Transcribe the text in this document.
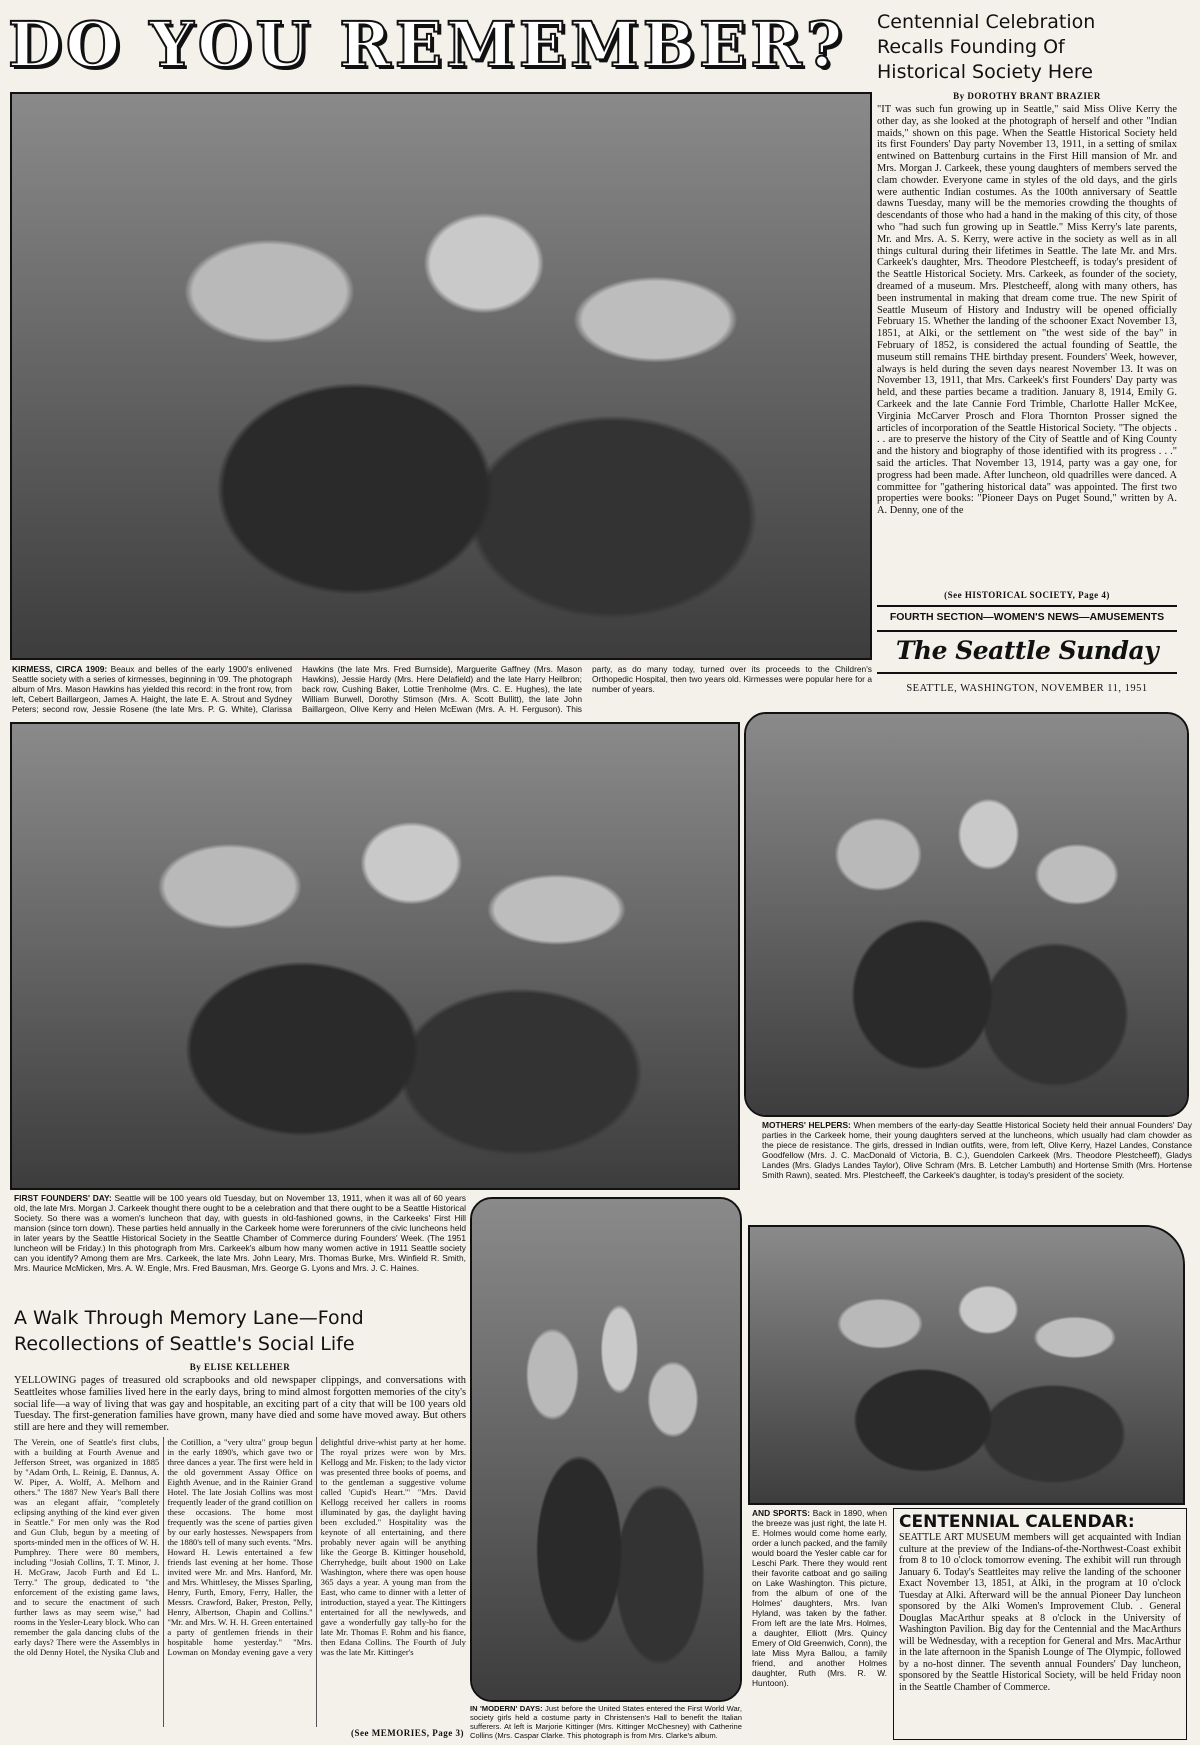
DO YOU REMEMBER?	Centennial Celebration
Recalls Founding Of
Historical Society Here
By DOROTHY BRANT BRAZIER
"IT was such fun growing up in Seattle," said Miss Olive Kerry the other day, as she looked at the photograph of herself and other "Indian maids," shown on this page. When the Seattle Historical Society held its first Founders' Day party November 13, 1911, in a setting of smilax entwined on Battenburg curtains in the First Hill mansion of Mr. and Mrs. Morgan J. Carkeek, these young daughters of members served the clam chowder. Everyone came in styles of the old days, and the girls were authentic Indian costumes. As the 100th anniversary of Seattle dawns Tuesday, many will be the memories crowding the thoughts of descendants of those who had a hand in the making of this city, of those who "had such fun growing up in Seattle." Miss Kerry's late parents, Mr. and Mrs. A. S. Kerry, were active in the society as well as in all things cultural during their lifetimes in Seattle. The late Mr. and Mrs. Carkeek's daughter, Mrs. Theodore Plestcheeff, is today's president of the Seattle Historical Society. Mrs. Carkeek, as founder of the society, dreamed of a museum. Mrs. Plestcheeff, along with many others, has been instrumental in making that dream come true. The new Spirit of Seattle Museum of History and Industry will be opened officially February 15. Whether the landing of the schooner Exact November 13, 1851, at Alki, or the settlement on "the west side of the bay" in February of 1852, is considered the actual founding of Seattle, the museum still remains THE birthday present. Founders' Week, however, always is held during the seven days nearest November 13. It was on November 13, 1911, that Mrs. Carkeek's first Founders' Day party was held, and these parties became a tradition. January 8, 1914, Emily G. Carkeek and the late Cannie Ford Trimble, Charlotte Haller McKee, Virginia McCarver Prosch and Flora Thornton Prosser signed the articles of incorporation of the Seattle Historical Society. "The objects . . . are to preserve the history of the City of Seattle and of King County and the history and biography of those identified with its progress . . ." said the articles. That November 13, 1914, party was a gay one, for progress had been made. After luncheon, old quadrilles were danced. A committee for "gathering historical data" was appointed. The first two properties were books: "Pioneer Days on Puget Sound," written by A. A. Denny, one of the
(See HISTORICAL SOCIETY, Page 4)
FOURTH SECTION—WOMEN'S NEWS—AMUSEMENTS
The Seattle Sunday
SEATTLE, WASHINGTON, NOVEMBER 11, 1951
KIRMESS, CIRCA 1909: Beaux and belles of the early 1900's enlivened Seattle society with a series of kirmesses, beginning in '09. The photograph album of Mrs. Mason Hawkins has yielded this record: in the front row, from left, Cebert Baillargeon, James A. Haight, the late E. A. Strout and Sydney Peters; second row, Jessie Rosene (the late Mrs. P. G. White), Clarissa Hawkins (the late Mrs. Fred Burnside), Marguerite Gaffney (Mrs. Mason Hawkins), Jessie Hardy (Mrs. Here Delafield) and the late Harry Heilbron; back row, Cushing Baker, Lottie Trenholme (Mrs. C. E. Hughes), the late William Burwell, Dorothy Stimson (Mrs. A. Scott Bullitt), the late John Baillargeon, Olive Kerry and Helen McEwan (Mrs. A. H. Ferguson). This party, as do many today, turned over its proceeds to the Children's Orthopedic Hospital, then two years old. Kirmesses were popular here for a number of years.
FIRST FOUNDERS' DAY: Seattle will be 100 years old Tuesday, but on November 13, 1911, when it was all of 60 years old, the late Mrs. Morgan J. Carkeek thought there ought to be a celebration and that there ought to be a Seattle Historical Society. So there was a women's luncheon that day, with guests in old-fashioned gowns, in the Carkeeks' First Hill mansion (since torn down). These parties held annually in the Carkeek home were forerunners of the civic luncheons held in later years by the Seattle Historical Society in the Seattle Chamber of Commerce during Founders' Week. (The 1951 luncheon will be Friday.) In this photograph from Mrs. Carkeek's album how many women active in 1911 Seattle society can you identify? Among them are Mrs. Carkeek, the late Mrs. John Leary, Mrs. Thomas Burke, Mrs. Winfield R. Smith, Mrs. Maurice McMicken, Mrs. A. W. Engle, Mrs. Fred Bausman, Mrs. George G. Lyons and Mrs. J. C. Haines.
MOTHERS' HELPERS: When members of the early-day Seattle Historical Society held their annual Founders' Day parties in the Carkeek home, their young daughters served at the luncheons, which usually had clam chowder as the piece de resistance. The girls, dressed in Indian outfits, were, from left, Olive Kerry, Hazel Landes, Constance Goodfellow (Mrs. J. C. MacDonald of Victoria, B. C.), Guendolen Carkeek (Mrs. Theodore Plestcheeff), Gladys Landes (Mrs. Gladys Landes Taylor), Olive Schram (Mrs. B. Letcher Lambuth) and Hortense Smith (Mrs. Hortense Smith Rawn), seated. Mrs. Plestcheeff, the Carkeek's daughter, is today's president of the society.
A Walk Through Memory Lane—Fond
Recollections of Seattle's Social Life
By ELISE KELLEHER
YELLOWING pages of treasured old scrapbooks and old newspaper clippings, and conversations with Seattleites whose families lived here in the early days, bring to mind almost forgotten memories of the city's social life—a way of living that was gay and hospitable, an exciting part of a city that will be 100 years old Tuesday. The first-generation families have grown, many have died and some have moved away. But others still are here and they will remember.
The Verein, one of Seattle's first clubs, with a building at Fourth Avenue and Jefferson Street, was organized in 1885 by "Adam Orth, L. Reinig, E. Dannus, A. W. Piper, A. Wolff, A. Melhorn and others." The 1887 New Year's Ball there was an elegant affair, "completely eclipsing anything of the kind ever given in Seattle." For men only was the Rod and Gun Club, begun by a meeting of sports-minded men in the offices of W. H. Pumphrey. There were 80 members, including "Josiah Collins, T. T. Minor, J. H. McGraw, Jacob Furth and Ed L. Terry." The group, dedicated to "the enforcement of the existing game laws, and to secure the enactment of such further laws as may seem wise," had rooms in the Yesler-Leary block. Who can remember the gala dancing clubs of the early days? There were the Assemblys in the old Denny Hotel, the Nysika Club and the Cotillion, a "very ultra" group begun in the early 1890's, which gave two or three dances a year. The first were held in the old government Assay Office on Eighth Avenue, and in the Rainier Grand Hotel. The late Josiah Collins was most frequently leader of the grand cotillion on these occasions. The home most frequently was the scene of parties given by our early hostesses. Newspapers from the 1880's tell of many such events. "Mrs. Howard H. Lewis entertained a few friends last evening at her home. Those invited were Mr. and Mrs. Hanford, Mr. and Mrs. Whittlesey, the Misses Sparling, Henry, Furth, Emory, Ferry, Haller, the Messrs. Crawford, Baker, Preston, Pelly, Henry, Albertson, Chapin and Collins." "Mr. and Mrs. W. H. H. Green entertained a party of gentlemen friends in their hospitable home yesterday." "Mrs. Lowman on Monday evening gave a very delightful drive-whist party at her home. The royal prizes were won by Mrs. Kellogg and Mr. Fisken; to the lady victor was presented three books of poems, and to the gentleman a suggestive volume called 'Cupid's Heart.'" "Mrs. David Kellogg received her callers in rooms illuminated by gas, the daylight having been excluded." Hospitality was the keynote of all entertaining, and there probably never again will be anything like the George B. Kittinger household, Cherryhedge, built about 1900 on Lake Washington, where there was open house 365 days a year. A young man from the East, who came to dinner with a letter of introduction, stayed a year. The Kittingers entertained for all the newlyweds, and gave a wonderfully gay tally-ho for the late Mr. Thomas F. Rohm and his fiance, then Edana Collins. The Fourth of July was the late Mr. Kittinger's
(See MEMORIES, Page 3)
IN 'MODERN' DAYS: Just before the United States entered the First World War, society girls held a costume party in Christensen's Hall to benefit the Italian sufferers. At left is Marjorie Kittinger (Mrs. Kittinger McChesney) with Catherine Collins (Mrs. Caspar Clarke. This photograph is from Mrs. Clarke's album.
AND SPORTS: Back in 1890, when the breeze was just right, the late H. E. Holmes would come home early, order a lunch packed, and the family would board the Yesler cable car for Leschi Park. There they would rent their favorite catboat and go sailing on Lake Washington. This picture, from the album of one of the Holmes' daughters, Mrs. Ivan Hyland, was taken by the father. From left are the late Mrs. Holmes, a daughter, Elliott (Mrs. Quincy Emery of Old Greenwich, Conn), the late Miss Myra Ballou, a family friend, and another Holmes daughter, Ruth (Mrs. R. W. Huntoon).
CENTENNIAL CALENDAR:
SEATTLE ART MUSEUM members will get acquainted with Indian culture at the preview of the Indians-of-the-Northwest-Coast exhibit from 8 to 10 o'clock tomorrow evening. The exhibit will run through January 6. Today's Seattleites may relive the landing of the schooner Exact November 13, 1851, at Alki, in the program at 10 o'clock Tuesday at Alki. Afterward will be the annual Pioneer Day luncheon sponsored by the Alki Women's Improvement Club. . General Douglas MacArthur speaks at 8 o'clock in the University of Washington Pavilion. Big day for the Centennial and the MacArthurs will be Wednesday, with a reception for General and Mrs. MacArthur in the late afternoon in the Spanish Lounge of The Olympic, followed by a no-host dinner. The seventh annual Founders' Day luncheon, sponsored by the Seattle Historical Society, will be held Friday noon in the Seattle Chamber of Commerce.
